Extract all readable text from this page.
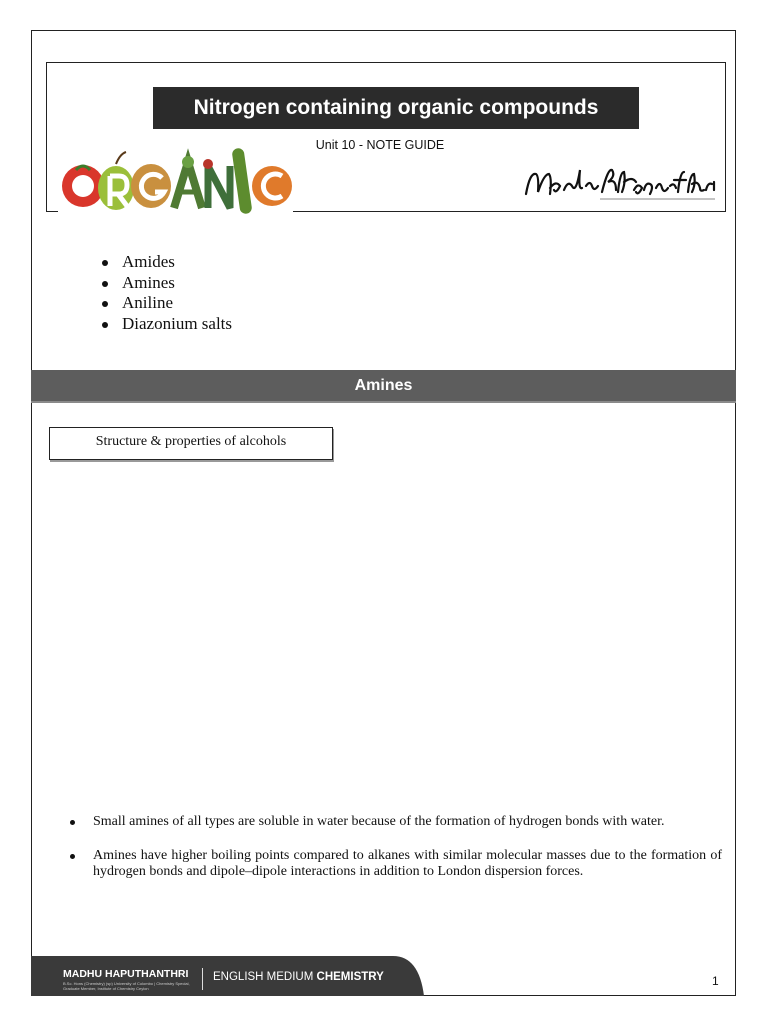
Nitrogen containing organic compounds
Unit 10 - NOTE GUIDE
Amides
Amines
Aniline
Diazonium salts
Amines
Structure & properties of alcohols
Small amines of all types are soluble in water because of the formation of hydrogen bonds with water.
Amines have higher boiling points compared to alkanes with similar molecular masses due to the formation of hydrogen bonds and dipole–dipole interactions in addition to London dispersion forces.
MADHU HAPUTHANTHRI
B.Sc. Hons (Chemistry) (sp) University of Colombo | Chemistry Special, Graduate Member, Institute of Chemistry Ceylon
ENGLISH MEDIUM CHEMISTRY	1
